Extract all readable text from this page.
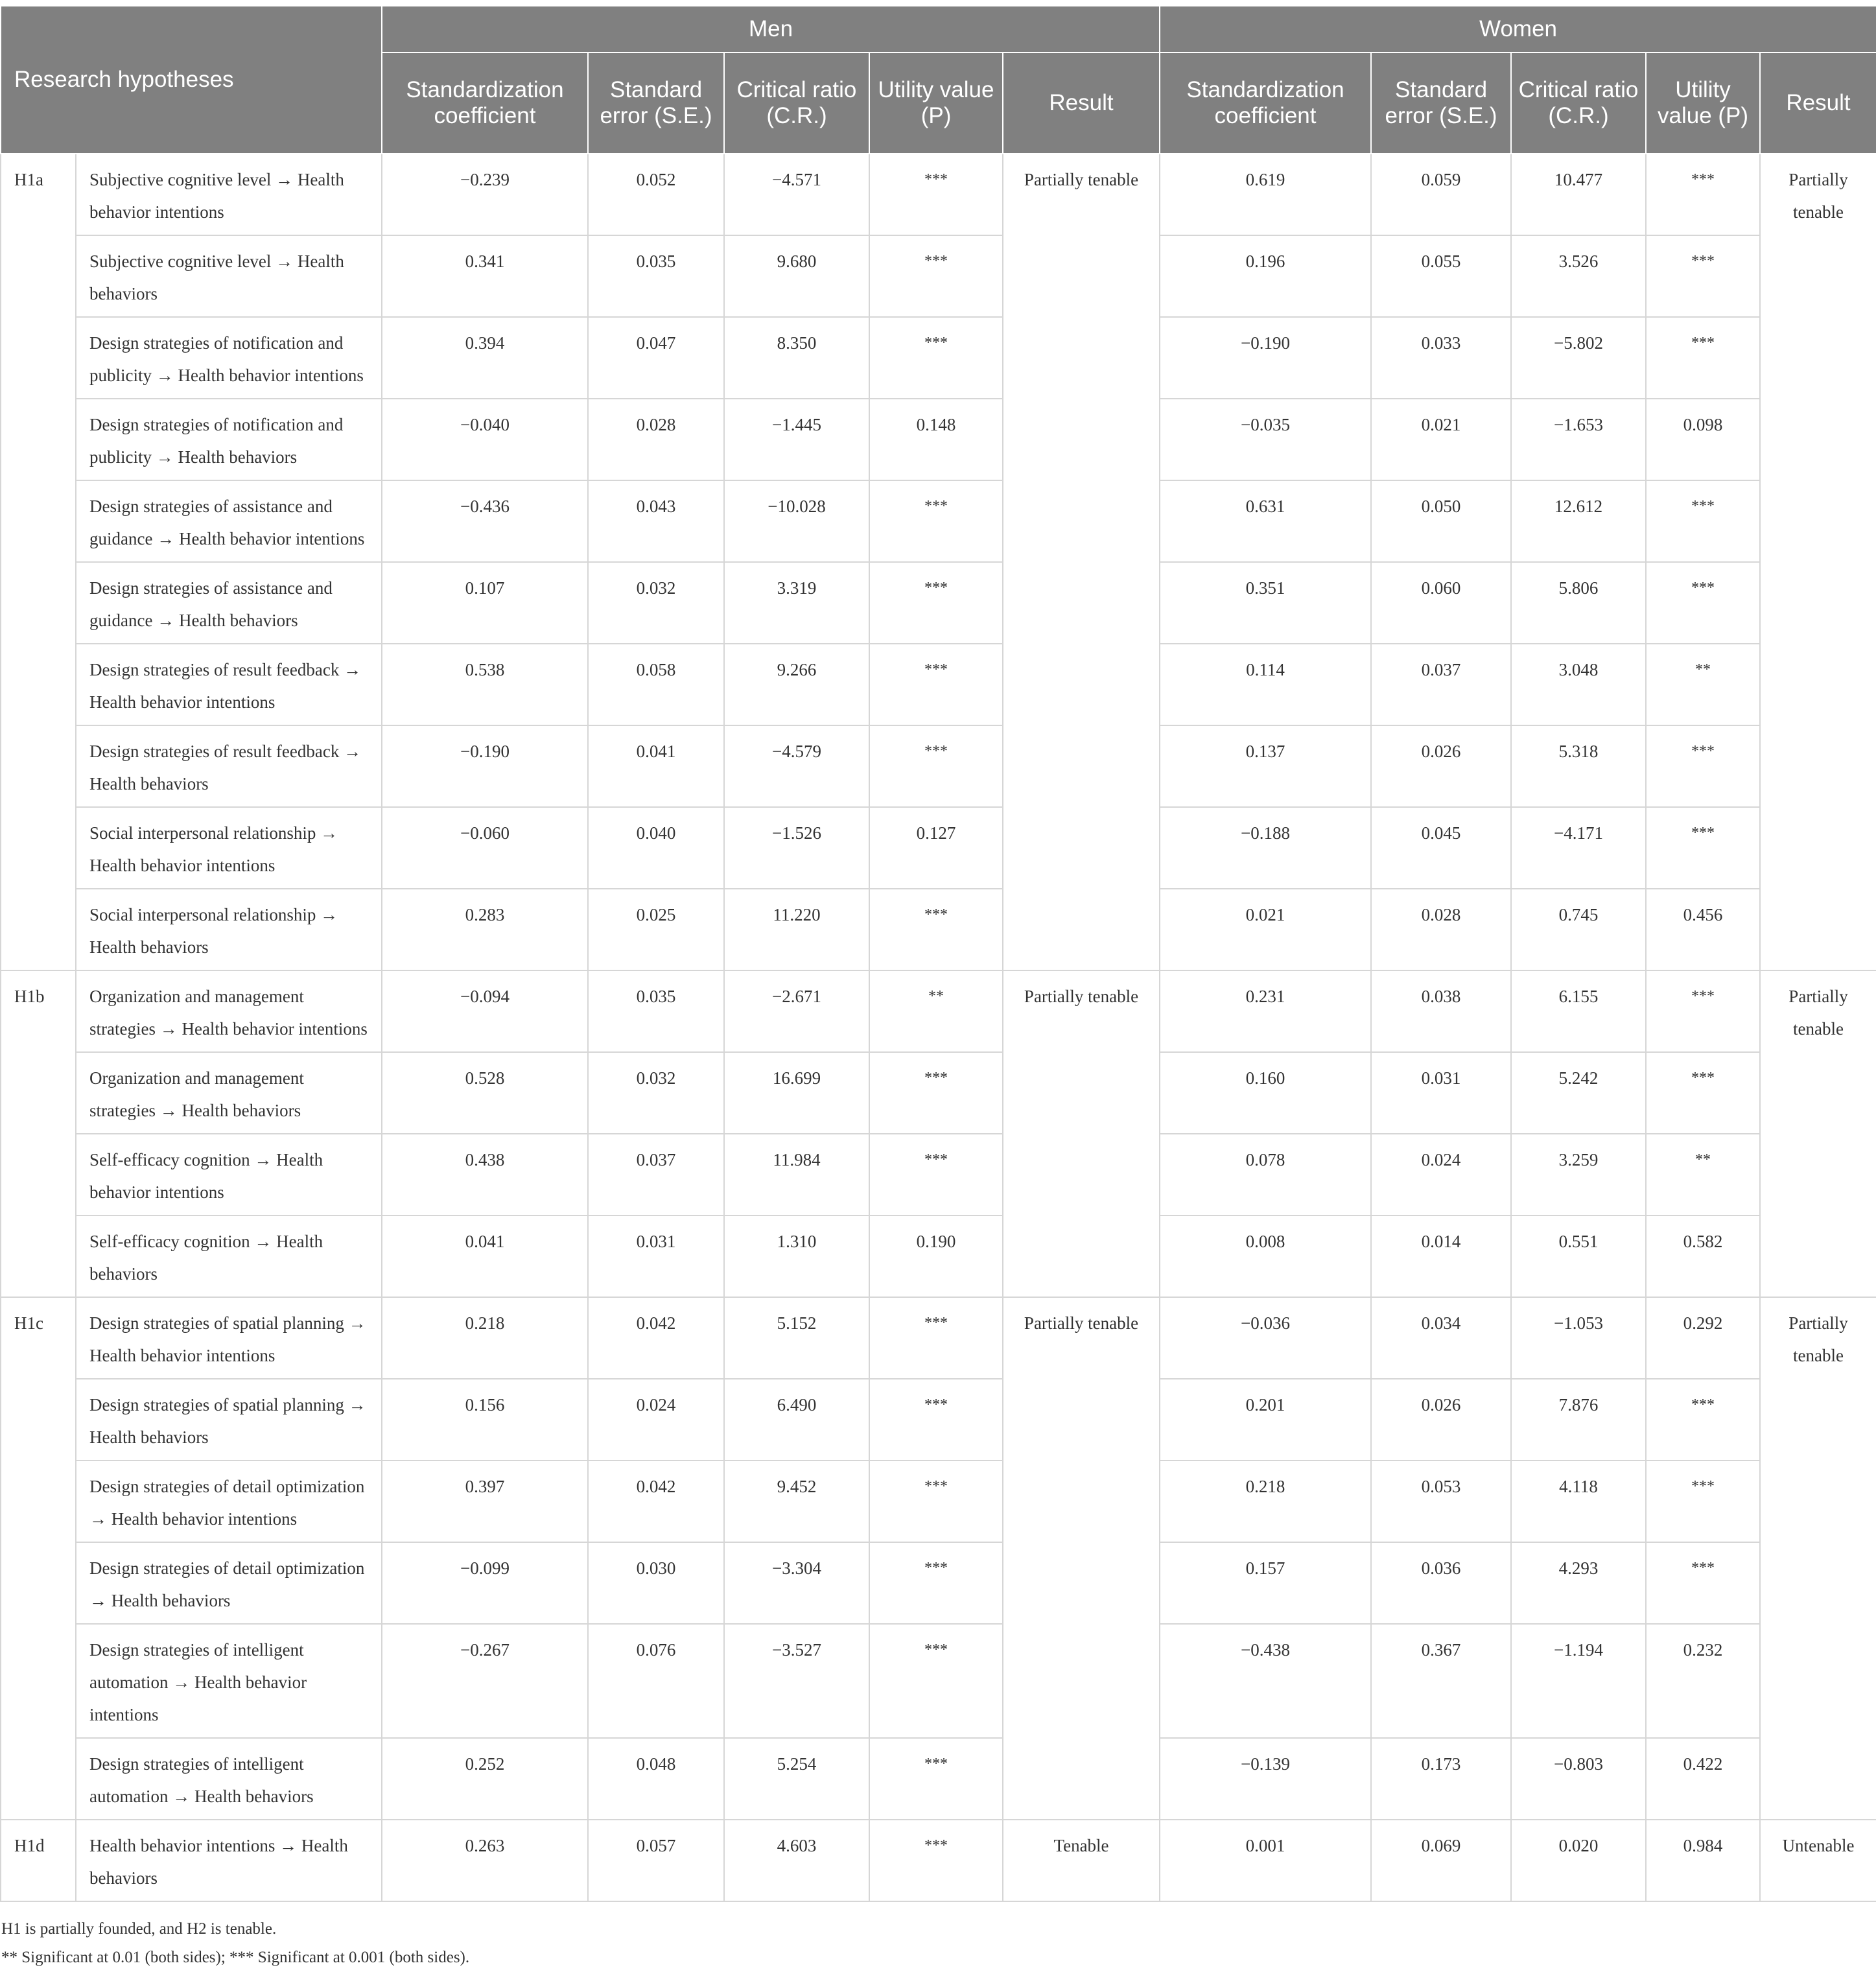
Research hypotheses		Men					Women				
		Standardization coefficient	Standard error (S.E.)	Critical ratio (C.R.)	Utility value (P)	Result	Standardization coefficient	Standard error (S.E.)	Critical ratio (C.R.)	Utility value (P)	Result
H1a	Subjective cognitive level → Health behavior intentions	−0.239	0.052	−4.571	***	Partially tenable	0.619	0.059	10.477	***	Partially tenable
	Subjective cognitive level → Health behaviors	0.341	0.035	9.680	***		0.196	0.055	3.526	***	
	Design strategies of notification and publicity → Health behavior intentions	0.394	0.047	8.350	***		−0.190	0.033	−5.802	***	
	Design strategies of notification and publicity → Health behaviors	−0.040	0.028	−1.445	0.148		−0.035	0.021	−1.653	0.098	
	Design strategies of assistance and guidance → Health behavior intentions	−0.436	0.043	−10.028	***		0.631	0.050	12.612	***	
	Design strategies of assistance and guidance → Health behaviors	0.107	0.032	3.319	***		0.351	0.060	5.806	***	
	Design strategies of result feedback → Health behavior intentions	0.538	0.058	9.266	***		0.114	0.037	3.048	**	
	Design strategies of result feedback → Health behaviors	−0.190	0.041	−4.579	***		0.137	0.026	5.318	***	
	Social interpersonal relationship → Health behavior intentions	−0.060	0.040	−1.526	0.127		−0.188	0.045	−4.171	***	
	Social interpersonal relationship → Health behaviors	0.283	0.025	11.220	***		0.021	0.028	0.745	0.456	
H1b	Organization and management strategies → Health behavior intentions	−0.094	0.035	−2.671	**	Partially tenable	0.231	0.038	6.155	***	Partially tenable
	Organization and management strategies → Health behaviors	0.528	0.032	16.699	***		0.160	0.031	5.242	***	
	Self-efficacy cognition → Health behavior intentions	0.438	0.037	11.984	***		0.078	0.024	3.259	**	
	Self-efficacy cognition → Health behaviors	0.041	0.031	1.310	0.190		0.008	0.014	0.551	0.582	
H1c	Design strategies of spatial planning → Health behavior intentions	0.218	0.042	5.152	***	Partially tenable	−0.036	0.034	−1.053	0.292	Partially tenable
	Design strategies of spatial planning → Health behaviors	0.156	0.024	6.490	***		0.201	0.026	7.876	***	
	Design strategies of detail optimization → Health behavior intentions	0.397	0.042	9.452	***		0.218	0.053	4.118	***	
	Design strategies of detail optimization → Health behaviors	−0.099	0.030	−3.304	***		0.157	0.036	4.293	***	
	Design strategies of intelligent automation → Health behavior intentions	−0.267	0.076	−3.527	***		−0.438	0.367	−1.194	0.232	
	Design strategies of intelligent automation → Health behaviors	0.252	0.048	5.254	***		−0.139	0.173	−0.803	0.422	
H1d	Health behavior intentions → Health behaviors	0.263	0.057	4.603	***	Tenable	0.001	0.069	0.020	0.984	Untenable
H1 is partially founded, and H2 is tenable.
** Significant at 0.01 (both sides); *** Significant at 0.001 (both sides).
